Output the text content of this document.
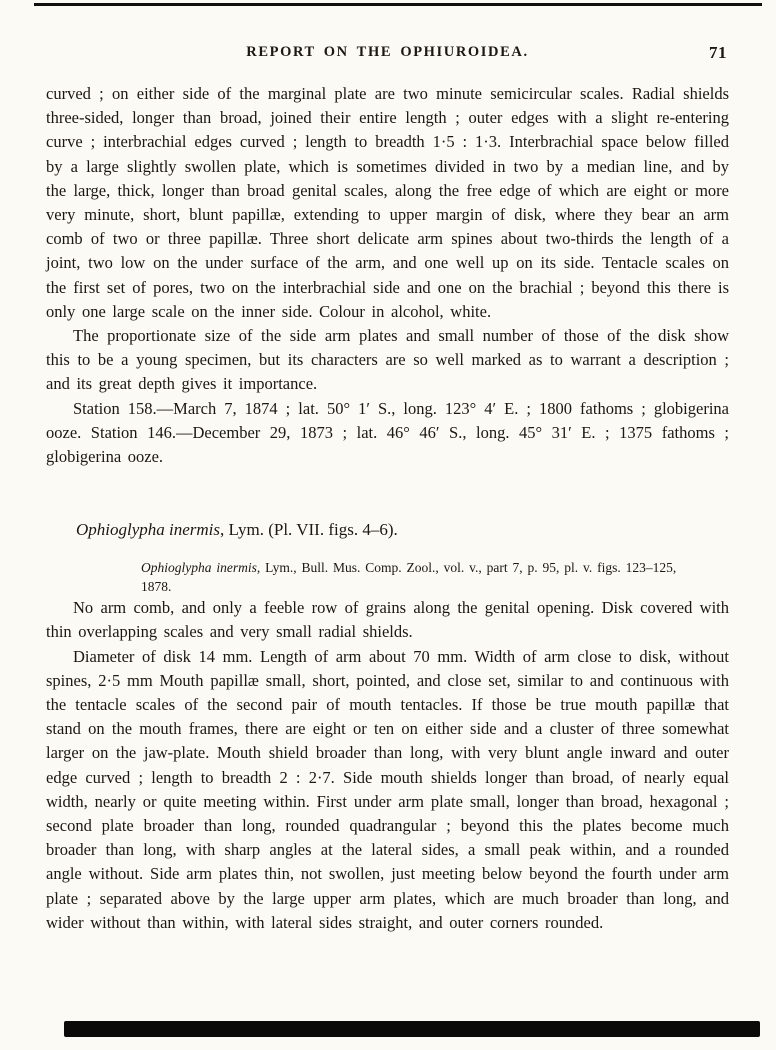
REPORT ON THE OPHIUROIDEA.	71

curved ; on either side of the marginal plate are two minute semicircular scales. Radial shields three-sided, longer than broad, joined their entire length ; outer edges with a slight re-entering curve ; interbrachial edges curved ; length to breadth 1·5 : 1·3. Interbrachial space below filled by a large slightly swollen plate, which is sometimes divided in two by a median line, and by the large, thick, longer than broad genital scales, along the free edge of which are eight or more very minute, short, blunt papillæ, extending to upper margin of disk, where they bear an arm comb of two or three papillæ. Three short delicate arm spines about two-thirds the length of a joint, two low on the under surface of the arm, and one well up on its side. Tentacle scales on the first set of pores, two on the interbrachial side and one on the brachial ; beyond this there is only one large scale on the inner side. Colour in alcohol, white.

The proportionate size of the side arm plates and small number of those of the disk show this to be a young specimen, but its characters are so well marked as to warrant a description ; and its great depth gives it importance.

Station 158.—March 7, 1874 ; lat. 50° 1′ S., long. 123° 4′ E. ; 1800 fathoms ; globigerina ooze. Station 146.—December 29, 1873 ; lat. 46° 46′ S., long. 45° 31′ E. ; 1375 fathoms ; globigerina ooze.

Ophioglypha inermis, Lym. (Pl. VII. figs. 4–6).

Ophioglypha inermis, Lym., Bull. Mus. Comp. Zool., vol. v., part 7, p. 95, pl. v. figs. 123–125, 1878.

No arm comb, and only a feeble row of grains along the genital opening. Disk covered with thin overlapping scales and very small radial shields.

Diameter of disk 14 mm. Length of arm about 70 mm. Width of arm close to disk, without spines, 2·5 mm Mouth papillæ small, short, pointed, and close set, similar to and continuous with the tentacle scales of the second pair of mouth tentacles. If those be true mouth papillæ that stand on the mouth frames, there are eight or ten on either side and a cluster of three somewhat larger on the jaw-plate. Mouth shield broader than long, with very blunt angle inward and outer edge curved ; length to breadth 2 : 2·7. Side mouth shields longer than broad, of nearly equal width, nearly or quite meeting within. First under arm plate small, longer than broad, hexagonal ; second plate broader than long, rounded quadrangular ; beyond this the plates become much broader than long, with sharp angles at the lateral sides, a small peak within, and a rounded angle without. Side arm plates thin, not swollen, just meeting below beyond the fourth under arm plate ; separated above by the large upper arm plates, which are much broader than long, and wider without than within, with lateral sides straight, and outer corners rounded.
